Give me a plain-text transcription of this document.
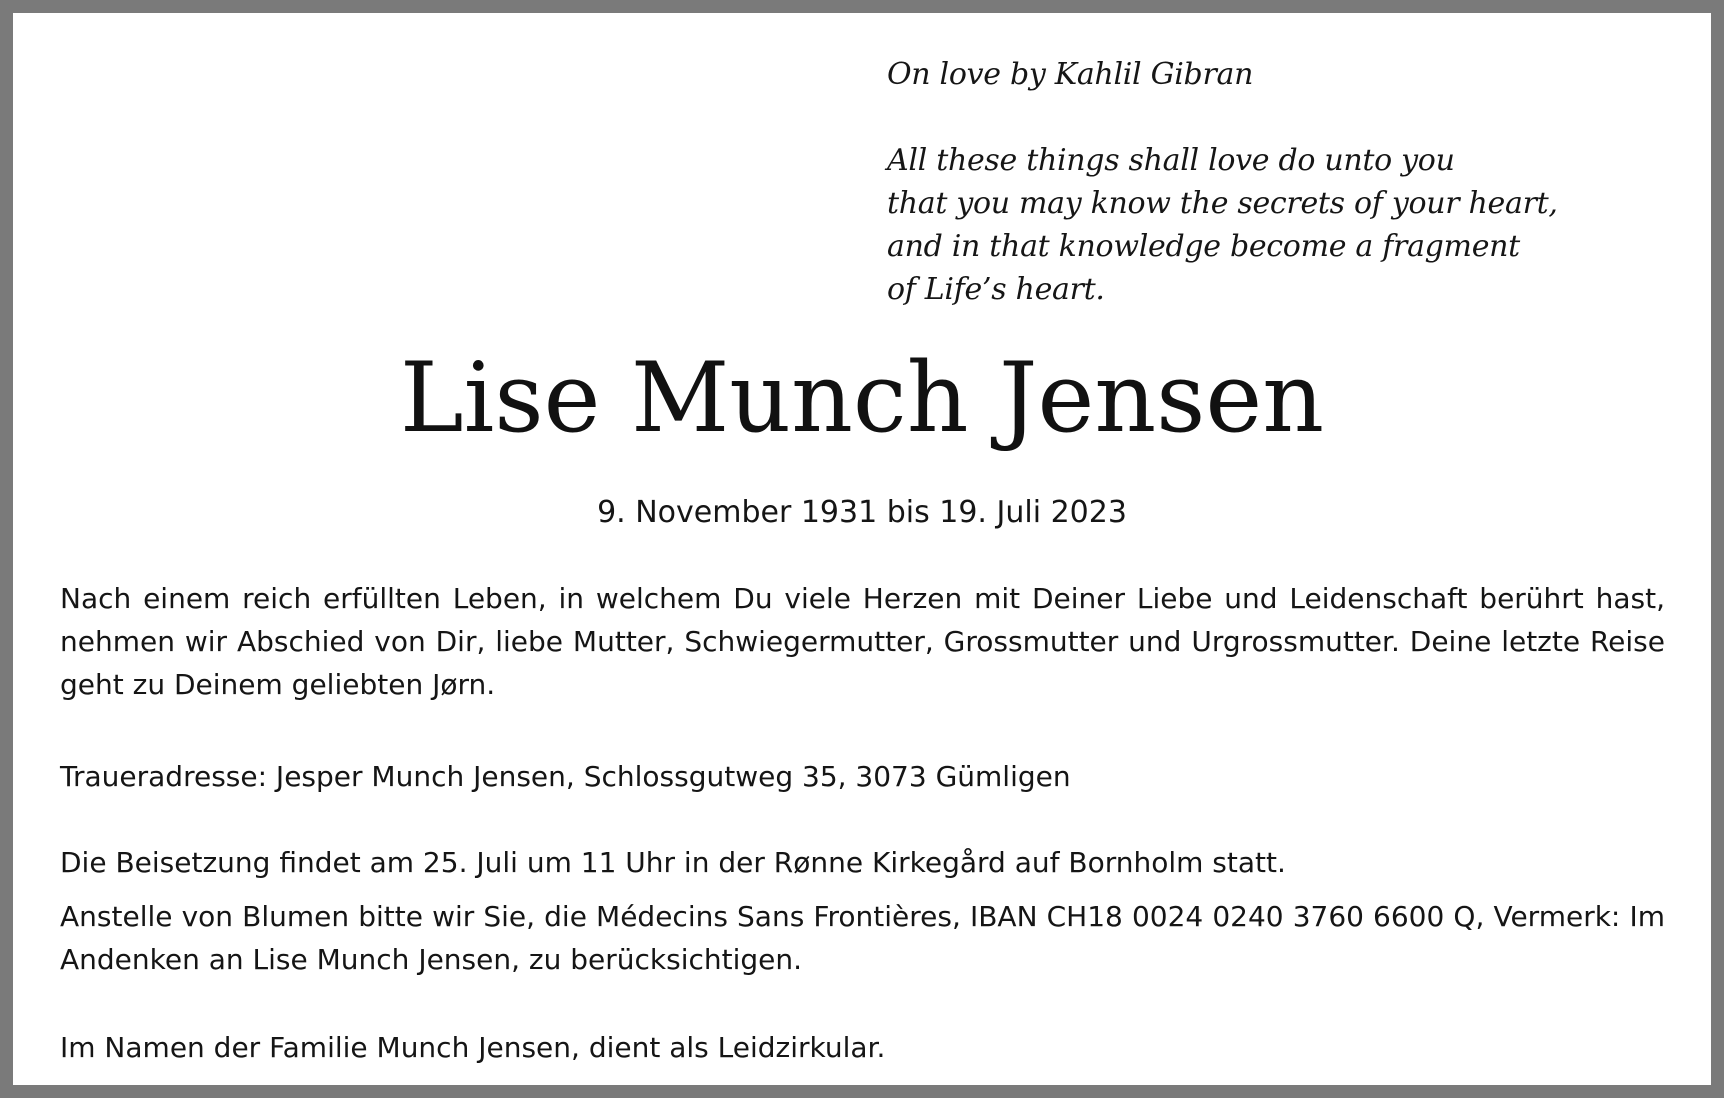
On love by Kahlil Gibran
All these things shall love do unto you
that you may know the secrets of your heart,
and in that knowledge become a fragment
of Life’s heart.
Lise Munch Jensen
9. November 1931 bis 19. Juli 2023
Nach einem reich erfüllten Leben, in welchem Du viele Herzen mit Deiner Liebe und Leidenschaft berührt hast, nehmen wir Abschied von Dir, liebe Mutter, Schwiegermutter, Grossmutter und Urgrossmutter. Deine letzte Reise geht zu Deinem geliebten Jørn.
Traueradresse: Jesper Munch Jensen, Schlossgutweg 35, 3073 Gümligen
Die Beisetzung findet am 25. Juli um 11 Uhr in der Rønne Kirkegård auf Bornholm statt.
Anstelle von Blumen bitte wir Sie, die Médecins Sans Frontières, IBAN CH18 0024 0240 3760 6600 Q, Vermerk: Im Andenken an Lise Munch Jensen, zu berücksichtigen.
Im Namen der Familie Munch Jensen, dient als Leidzirkular.
